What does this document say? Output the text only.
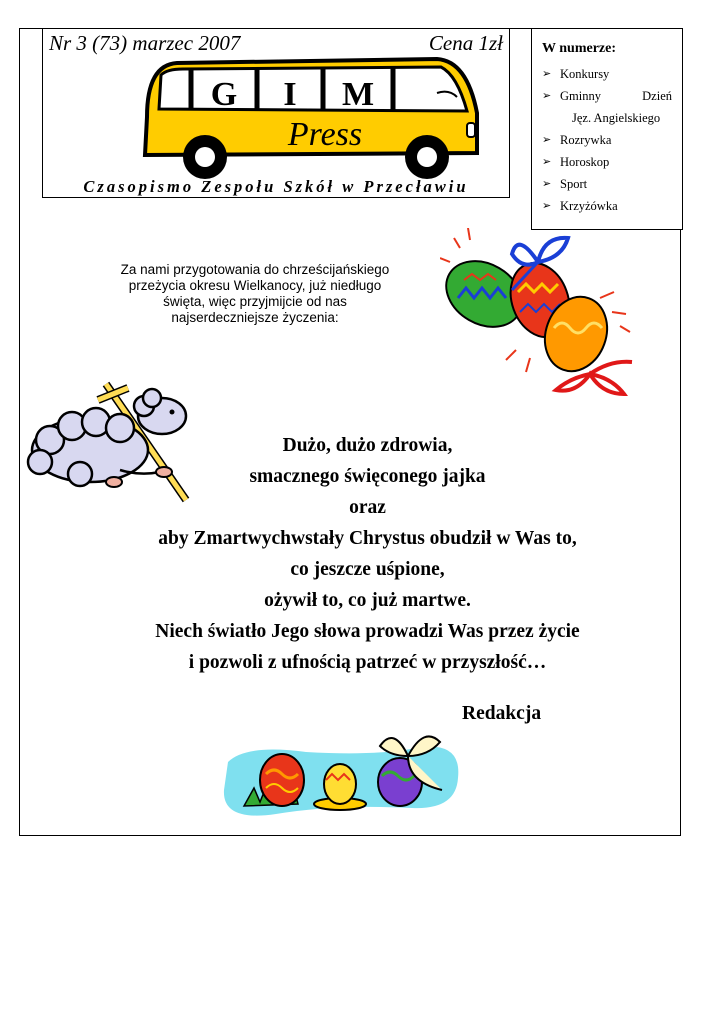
Nr 3 (73) marzec 2007	Cena 1zł
G I M
Press
Czasopismo Zespołu Szkół w Przecławiu
W numerze:
➢ Konkursy
➢ Gminny	Dzień
Jęz. Angielskiego
➢ Rozrywka
➢ Horoskop
➢ Sport
➢ Krzyżówka
Za nami przygotowania do chrześcijańskiego
przeżycia okresu Wielkanocy, już niedługo
święta, więc przyjmijcie od nas
najserdeczniejsze życzenia:
Dużo, dużo zdrowia,
smacznego święconego jajka
oraz
aby Zmartwychwstały Chrystus obudził w Was to,
co jeszcze uśpione,
ożywił to, co już martwe.
Niech światło Jego słowa prowadzi Was przez życie
i pozwoli z ufnością patrzeć w przyszłość…
Redakcja
